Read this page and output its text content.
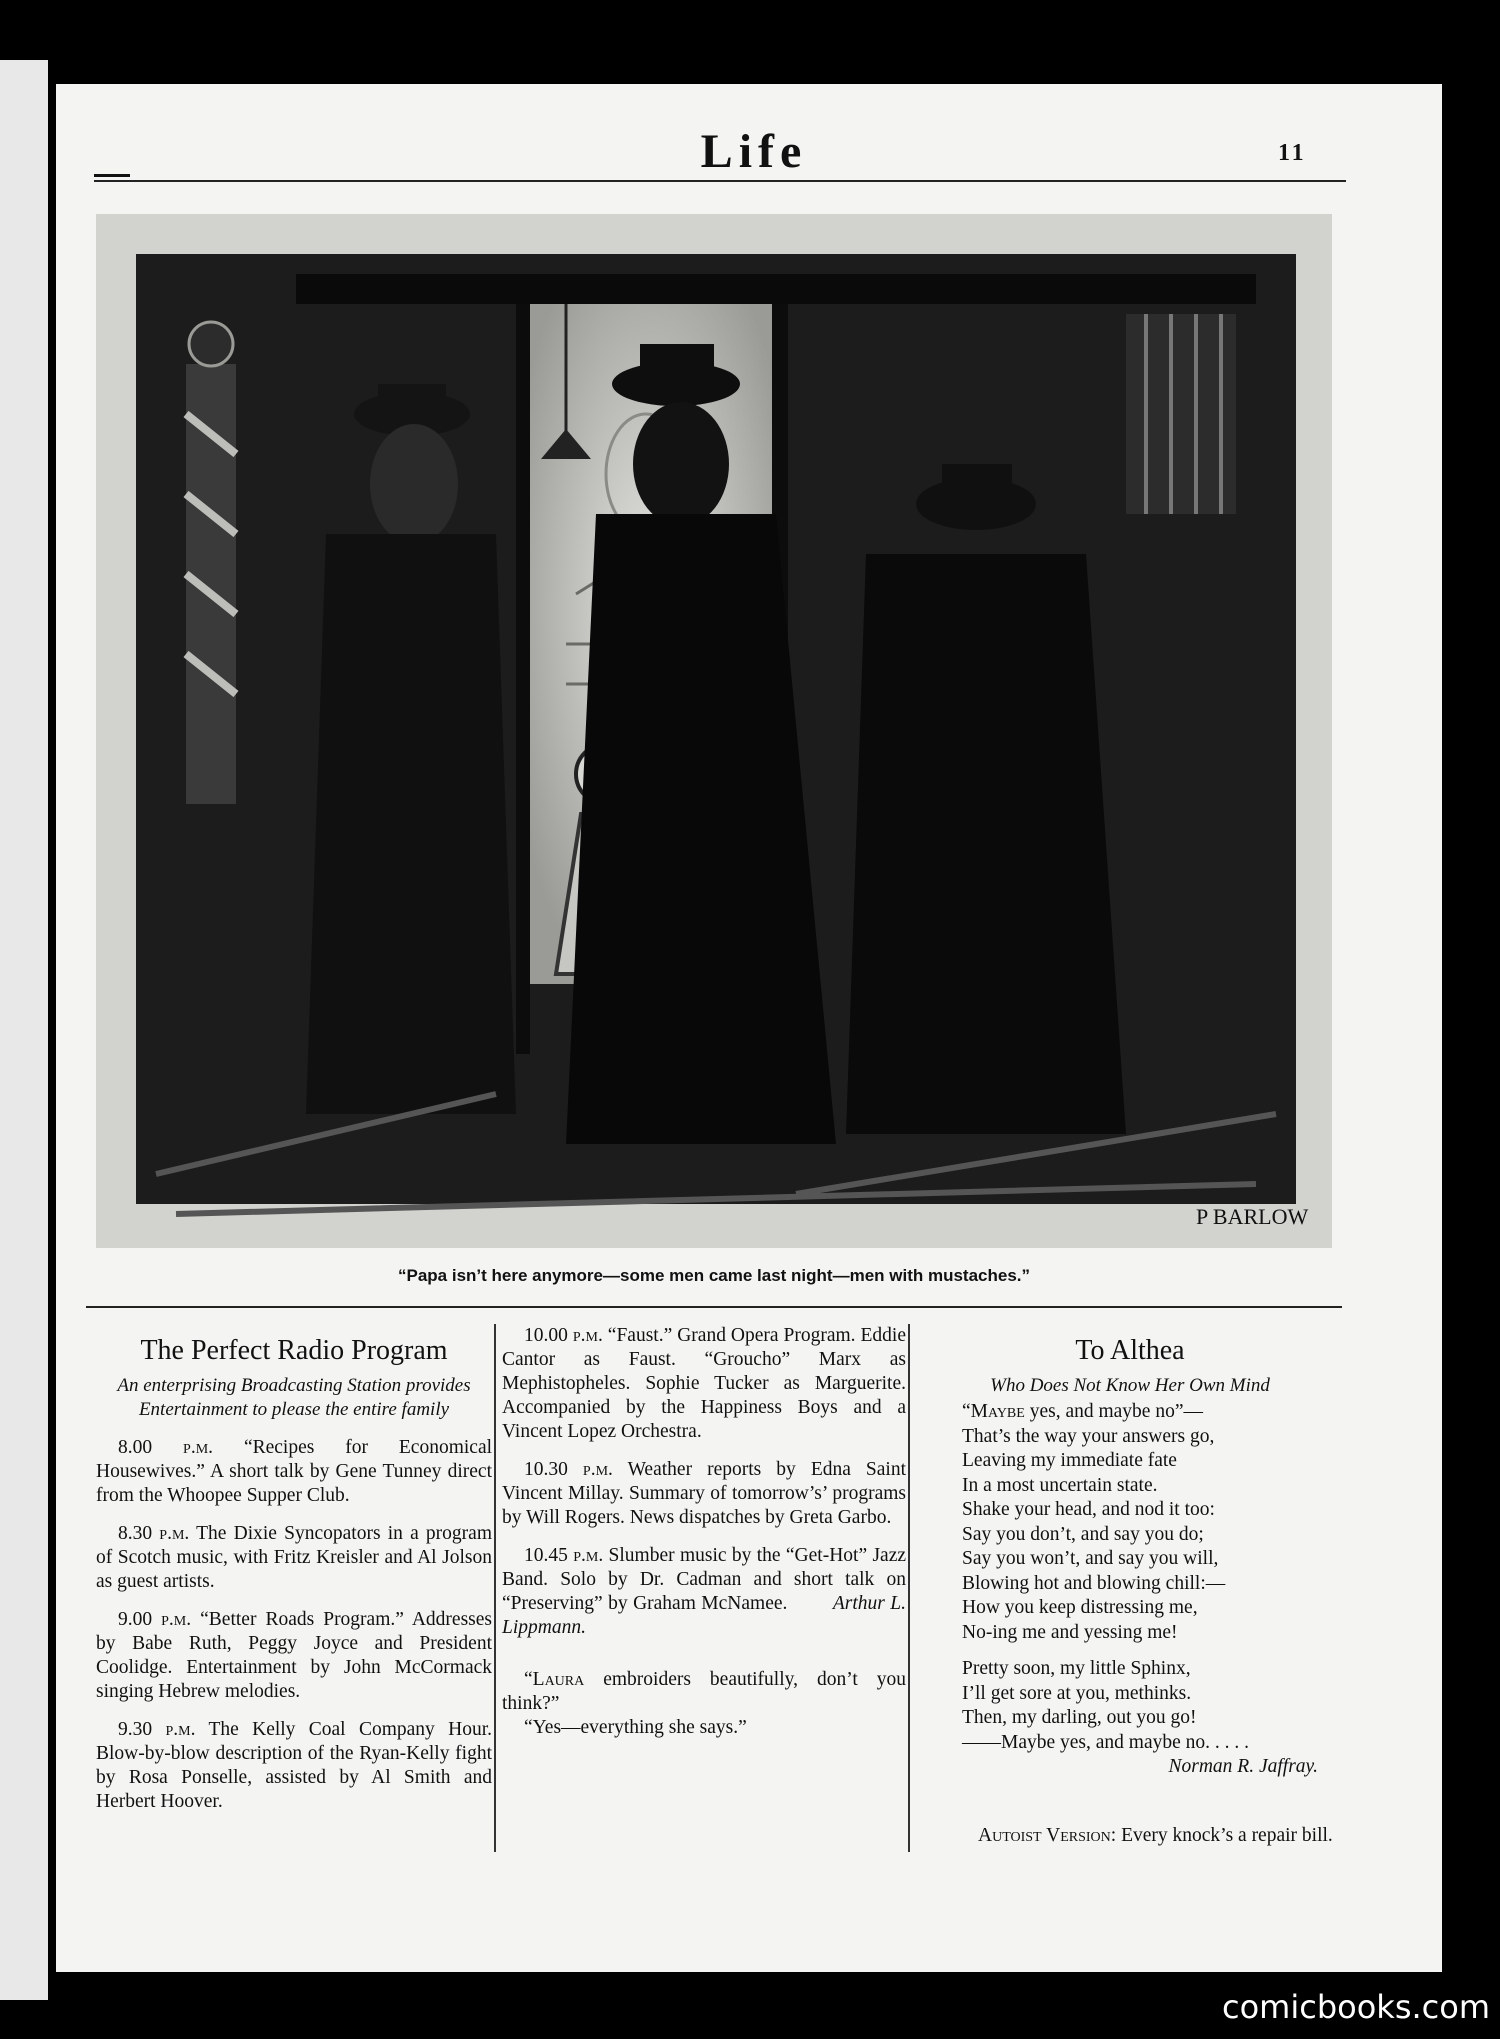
Life	11
P BARLOW
“Papa isn’t here anymore—some men came last night—men with mustaches.”
The Perfect Radio Program
An enterprising Broadcasting Station provides Entertainment to please the entire family

8.00 p.m. “Recipes for Economical Housewives.” A short talk by Gene Tunney direct from the Whoopee Supper Club.

8.30 p.m. The Dixie Syncopators in a program of Scotch music, with Fritz Kreisler and Al Jolson as guest artists.

9.00 p.m. “Better Roads Program.” Addresses by Babe Ruth, Peggy Joyce and President Coolidge. Entertainment by John McCormack singing Hebrew melodies.

9.30 p.m. The Kelly Coal Company Hour. Blow-by-blow description of the Ryan-Kelly fight by Rosa Ponselle, assisted by Al Smith and Herbert Hoover.

10.00 p.m. “Faust.” Grand Opera Program. Eddie Cantor as Faust. “Groucho” Marx as Mephistopheles. Sophie Tucker as Marguerite. Accompanied by the Happiness Boys and a Vincent Lopez Orchestra.

10.30 p.m. Weather reports by Edna Saint Vincent Millay. Summary of tomorrow’s’ programs by Will Rogers. News dispatches by Greta Garbo.

10.45 p.m. Slumber music by the “Get-Hot” Jazz Band. Solo by Dr. Cadman and short talk on “Preserving” by Graham McNamee. Arthur L. Lippmann.

“Laura embroiders beautifully, don’t you think?”

“Yes—everything she says.”

To Althea
Who Does Not Know Her Own Mind
“Maybe yes, and maybe no”—
That’s the way your answers go,
Leaving my immediate fate
In a most uncertain state.
Shake your head, and nod it too:
Say you don’t, and say you do;
Say you won’t, and say you will,
Blowing hot and blowing chill:—
How you keep distressing me,
No-ing me and yessing me!
Pretty soon, my little Sphinx,
I’ll get sore at you, methinks.
Then, my darling, out you go!
——Maybe yes, and maybe no. . . . .
Norman R. Jaffray.

Autoist Version: Every knock’s a repair bill.

comicbooks.com
